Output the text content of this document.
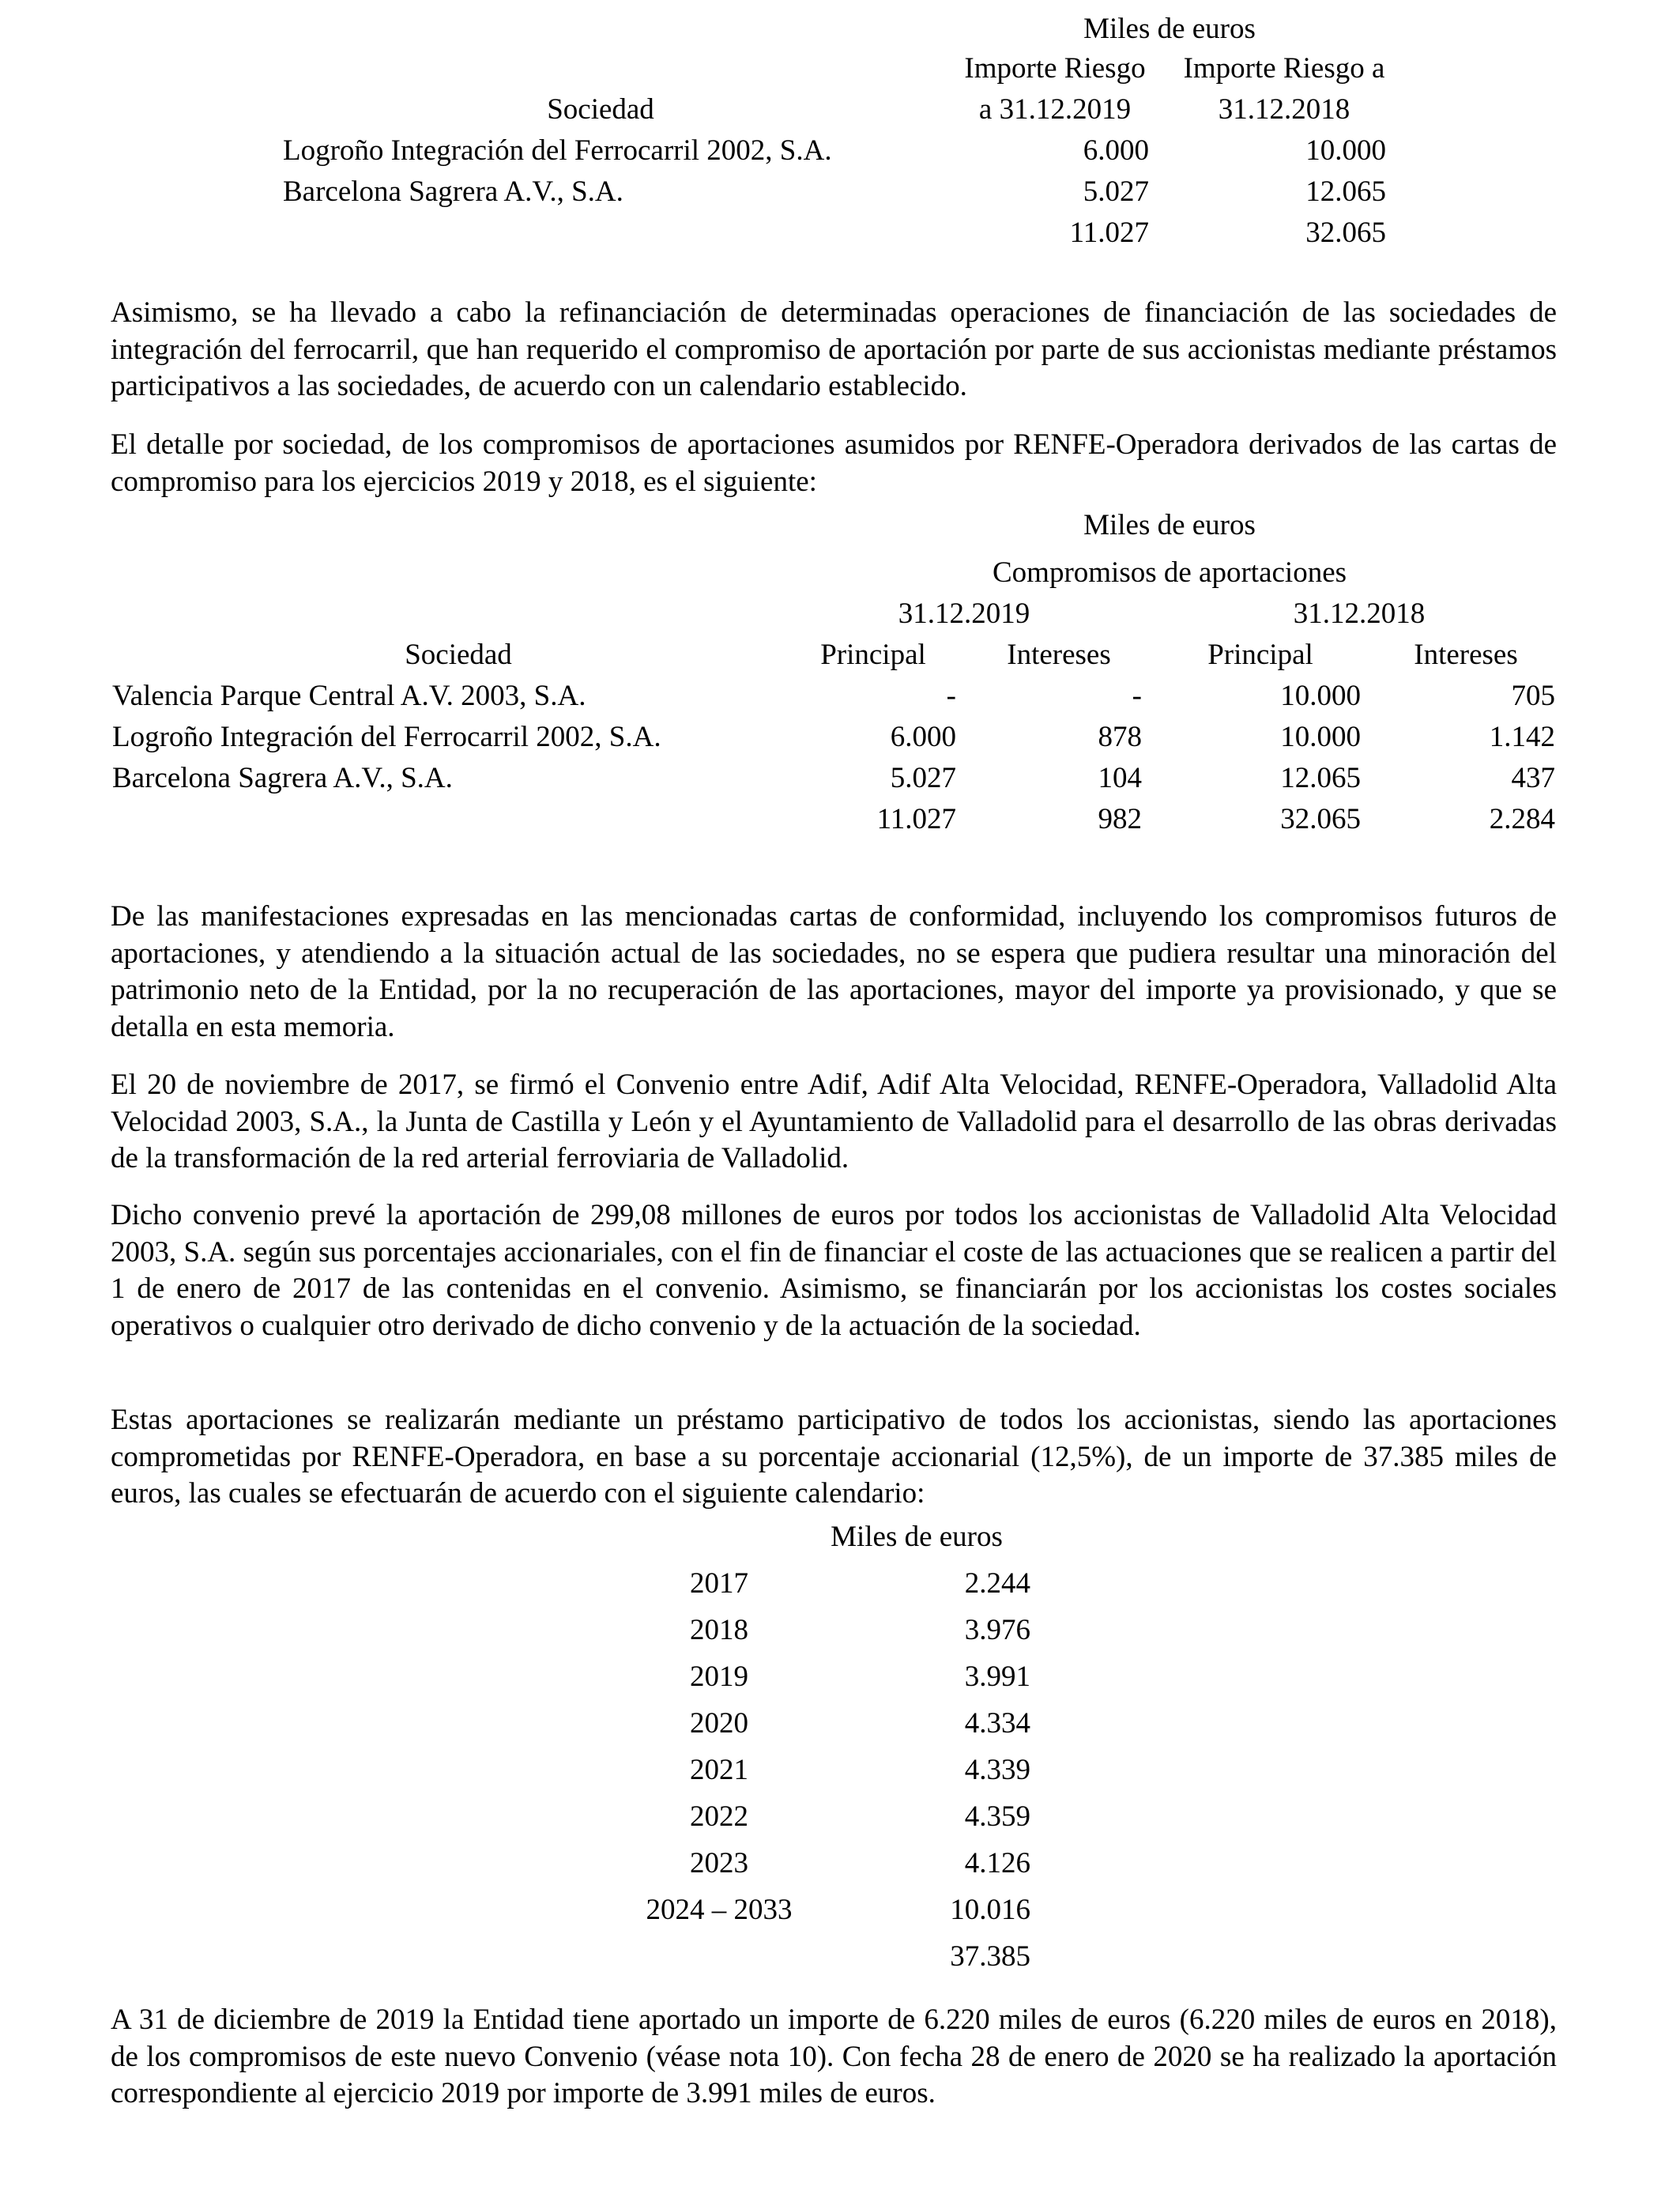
Miles de euros
Importe Riesgo
a 31.12.2019
Importe Riesgo a
31.12.2018
Sociedad
Logroño Integración del Ferrocarril 2002, S.A.	6.000	10.000
Barcelona Sagrera A.V., S.A.	5.027	12.065
11.027	32.065

Asimismo, se ha llevado a cabo la refinanciación de determinadas operaciones de financiación de las sociedades de integración del ferrocarril, que han requerido el compromiso de aportación por parte de sus accionistas mediante préstamos participativos a las sociedades, de acuerdo con un calendario establecido.

El detalle por sociedad, de los compromisos de aportaciones asumidos por RENFE-Operadora derivados de las cartas de compromiso para los ejercicios 2019 y 2018, es el siguiente:

Miles de euros
Compromisos de aportaciones
31.12.2019	31.12.2018
Sociedad	Principal	Intereses	Principal	Intereses
Valencia Parque Central A.V. 2003, S.A.	-	-	10.000	705
Logroño Integración del Ferrocarril 2002, S.A.	6.000	878	10.000	1.142
Barcelona Sagrera A.V., S.A.	5.027	104	12.065	437
11.027	982	32.065	2.284

De las manifestaciones expresadas en las mencionadas cartas de conformidad, incluyendo los compromisos futuros de aportaciones, y atendiendo a la situación actual de las sociedades, no se espera que pudiera resultar una minoración del patrimonio neto de la Entidad, por la no recuperación de las aportaciones, mayor del importe ya provisionado, y que se detalla en esta memoria.

El 20 de noviembre de 2017, se firmó el Convenio entre Adif, Adif Alta Velocidad, RENFE-Operadora, Valladolid Alta Velocidad 2003, S.A., la Junta de Castilla y León y el Ayuntamiento de Valladolid para el desarrollo de las obras derivadas de la transformación de la red arterial ferroviaria de Valladolid.

Dicho convenio prevé la aportación de 299,08 millones de euros por todos los accionistas de Valladolid Alta Velocidad 2003, S.A. según sus porcentajes accionariales, con el fin de financiar el coste de las actuaciones que se realicen a partir del 1 de enero de 2017 de las contenidas en el convenio. Asimismo, se financiarán por los accionistas los costes sociales operativos o cualquier otro derivado de dicho convenio y de la actuación de la sociedad.

Estas aportaciones se realizarán mediante un préstamo participativo de todos los accionistas, siendo las aportaciones comprometidas por RENFE-Operadora, en base a su porcentaje accionarial (12,5%), de un importe de 37.385 miles de euros, las cuales se efectuarán de acuerdo con el siguiente calendario:

Miles de euros
2017	2.244
2018	3.976
2019	3.991
2020	4.334
2021	4.339
2022	4.359
2023	4.126
2024 – 2033	10.016
37.385

A 31 de diciembre de 2019 la Entidad tiene aportado un importe de 6.220 miles de euros (6.220 miles de euros en 2018), de los compromisos de este nuevo Convenio (véase nota 10). Con fecha 28 de enero de 2020 se ha realizado la aportación correspondiente al ejercicio 2019 por importe de 3.991 miles de euros.
